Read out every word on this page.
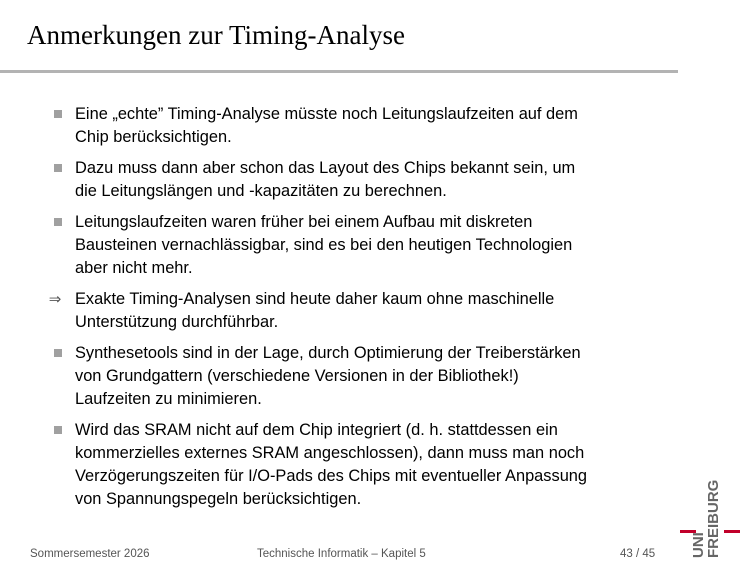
Anmerkungen zur Timing-Analyse
Eine „echte” Timing-Analyse müsste noch Leitungslaufzeiten auf dem
Chip berücksichtigen.
Dazu muss dann aber schon das Layout des Chips bekannt sein, um
die Leitungslängen und -kapazitäten zu berechnen.
Leitungslaufzeiten waren früher bei einem Aufbau mit diskreten
Bausteinen vernachlässigbar, sind es bei den heutigen Technologien
aber nicht mehr.
⇒ Exakte Timing-Analysen sind heute daher kaum ohne maschinelle
Unterstützung durchführbar.
Synthesetools sind in der Lage, durch Optimierung der Treiberstärken
von Grundgattern (verschiedene Versionen in der Bibliothek!)
Laufzeiten zu minimieren.
Wird das SRAM nicht auf dem Chip integriert (d. h. stattdessen ein
kommerzielles externes SRAM angeschlossen), dann muss man noch
Verzögerungszeiten für I/O-Pads des Chips mit eventueller Anpassung
von Spannungspegeln berücksichtigen.
Sommersemester 2026	Technische Informatik – Kapitel 5	43 / 45 UNI
FREIBURG
